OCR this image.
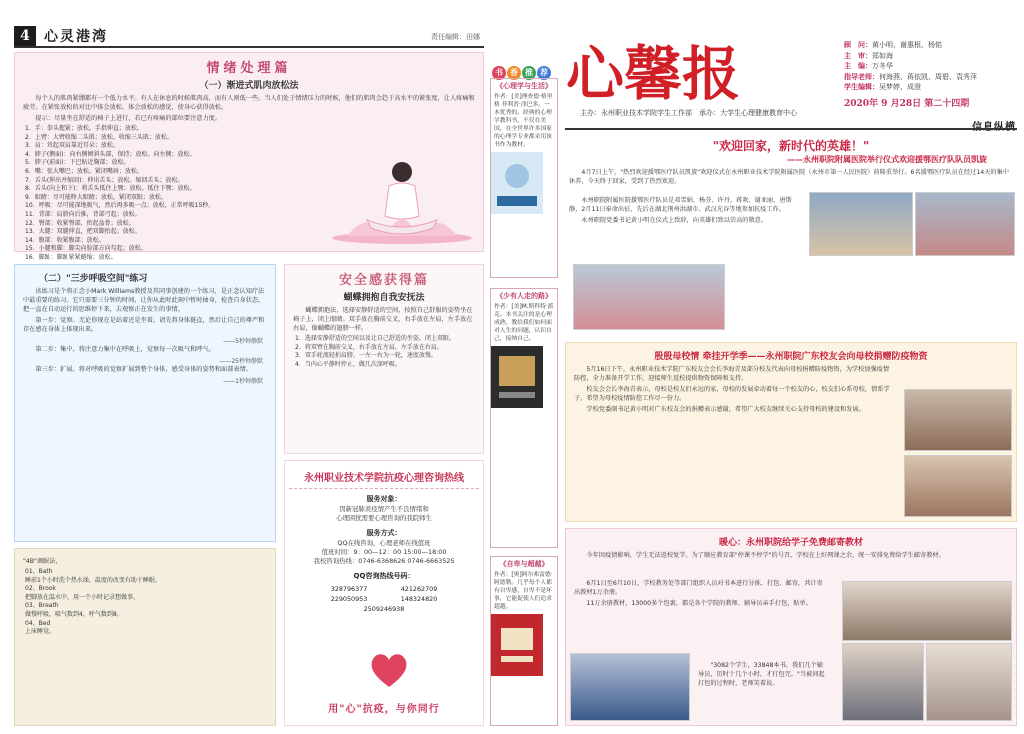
4	心灵港湾	责任编辑：田娜
情绪处理篇
（一）渐进式肌肉放松法

每个人的肌肉紧绷都有一个低力水平。有人在休息的时候肌肉高，而有人则低一些。当人们处于情绪压力的时候，他们的肌肉会趋于高水平的紧张度，让人疼痛和疲劳。在紧张放松的对比中体会放松，体会放松的感觉，使身心获得放松。

提示：尽量坐在舒适的椅子上进行，若已有疼痛的部位要注意力度。

1．手：拳头握紧；放松。手指伸直；放松。
2．上臂：大臂收缩二头肌；放松。收缩三头肌；放松。
3．肩：耸起双肩靠近耳朵；放松。
4．脖子(侧面)：向右侧倾斜头部，保持；放松。向左侧；放松。
5．脖子(前面)：下巴贴近胸部；放松。
6．嘴：张大嘴巴；放松。紧闭嘴唇；放松。
7．舌头(伸出并缩回)：伸出舌头；放松。缩回舌头；放松。
8．舌头(向上和下)：将舌头抵住上颚；放松。抵住下颚；放松。
9．眼睛：尽可能睁大眼睛；放松。紧闭双眼；放松。
10．呼吸：尽可能深地吸气，然后再多吸一点；放松，正常呼吸15秒。
11．背部：肩膀向后推，背部弓起；放松。
12．臀部：收紧臀部，抬起盆骨；放松。
13．大腿：双腿伸直，把双脚抬起；放松。
14．腹部：收紧腹部；放松。
15．小腿和脚：脚尖向脸部方向勾起；放松。
16．脚趾：脚趾紧紧蜷缩；放松。
（二）"三步呼吸空间"练习

该练习是个将正念小Mark Williams教授及其同事创建的一个练习，是正念认知疗法中最重要的练习。它只需要三分钟的时间，让你从此时此刻中暂时抽身，检查自身状态，把一直在自动运行的思维停下来，去观察正在发生的事情。

第一步：觉察。无论你现在是站着还是坐着，请先将身体挺直，然后让自己的尊严和存在感在身体上体现出来。

——5秒钟静默

第二步：集中。将注意力集中在呼吸上，觉察每一次吸气和呼气。

——25秒钟静默

第三步：扩展。将对呼吸的觉察扩展到整个身体，感受身体的姿势和面部表情。

——1秒钟静默

安全感获得篇
蝴蝶拥抱自我安抚法

蝴蝶拥抱法，选择安静舒适的空间，按照自己舒服的姿势坐在椅子上，闭上眼睛。双手放在胸前交叉，右手放在左肩，左手放在右肩，像蝴蝶的翅膀一样。

1．选择安静舒适的空间以及让自己舒适的坐姿，闭上双眼。
2．将双臂在胸前交叉，右手放在左肩，左手放在右肩。
3．双手轮流轻拍肩膀，一左一右为一轮，速度放慢。
4．当内心平静时停止，做几次深呼吸。
永州职业技术学院抗疫心理咨询热线
服务对象：

因新冠肺炎疫情产生不良情绪和

心理困扰需要心理咨询的我院师生

服务方式：

QQ在线咨询，心理老师在线值班

值班时间：9：00—12：00 15:00—18:00

我校咨询热线：0746-6368626 0746-6663525

QQ咨询热线号码：
328796377	421262709
229050953	148324820
2509246938
用"心"抗疫，与你同行

"4B"调眠法，

01、Bath
睡前1个小时洗个热水澡，温度的改变有助于睡眠。
02、Brook
把脚放在温水中，用一个小时记录想做事。
03、Breath
做慢呼吸，吸气数到4，呼气数到8。
04、Bed
上床睡觉。
书 香 推 荐
《心理学与生活》

作者：[美]理查德·格里格 菲利普·津巴多。一本优秀的，经典的心理学教科书，不仅在美国，在全世界许多国家的心理学专业都采用该书作为教材。

《少有人走的路》

作者：[美]M.斯科特·派克。本书关注的是心理成熟，教给我们如何面对人生的问题，认识自己，接纳自己。

《自卑与超越》

作者：[奥]阿尔弗雷德·阿德勒。几乎每个人都有自卑感，自卑不是坏事，它能促使人们追求超越。

心馨报	顾　问：黄小明、谢惠根、杨铭
主　审：郑如海
主　编：万冬华
指导老师：何海燕、蒋依凯、周碧、袁秀萍
学生编辑：吴梦婷、成澄
2020年 9 月28日 第二十四期
主办：永州职业技术学院学生工作部　承办：大学生心理健康教育中心
"欢迎回家，新时代的英雄！"
——永州职院附属医院举行仪式欢迎援鄂医疗队队员凯旋

4月7日上午，"热烈欢迎援鄂医疗队员凯旋"欢迎仪式在永州职业技术学院附属医院（永州市第一人民医院）前隆重举行。6名援鄂医疗队员在经过14天的集中休养，今天终于回家，受到了热烈欢迎。

永州职院附属医院援鄂医疗队员是邓雪娟、杨芬、许丹、蒋欢、谢亚丽、唐斯静，2月11日奉命出征，先后在湖北荆州洪湖市、武汉光谷等地参加抗疫工作。

永州职院党委书记黄小明在仪式上致辞，向英雄们致以崇高的敬意。

殷殷母校情 牵挂开学季——永州职院广东校友会向母校捐赠防疫物资

5月16日下午，永州职业技术学院广东校友会会长李海青及部分校友代表向母校捐赠防疫物资，为学校加强疫情防控，全力准备开学工作，迎接师生返校提供物资保障和支持。

校友会会长李海青表示，母校是校友们永远的家，母校的发展牵动着每一个校友的心，校友们心系母校，情系学子，希望为母校疫情防控工作尽一份力。

学校党委副书记黄小明对广东校友会的捐赠表示感谢，希望广大校友继续关心支持母校的建设和发展。

暖心：永州职院给学子免费邮寄教材

今年因疫情影响，学生无法返校复学。为了顺应教育部"停课不停学"的号召，学校在上好网课之余，统一安排免费给学生邮寄教材。

6月1日至6月10日，学校教务处等部门组织人员对书本进行分拣、打包、邮寄，共计寄出教材1万余册。

11万余册教材，13000多个包裹，都是各个学院的教师、辅导员亲手打包，贴单。

"3082个学生，33848本书，我们几个辅导员，历时十几个小时，才打包完。"当被问起打包的过程时，老师笑着说。
